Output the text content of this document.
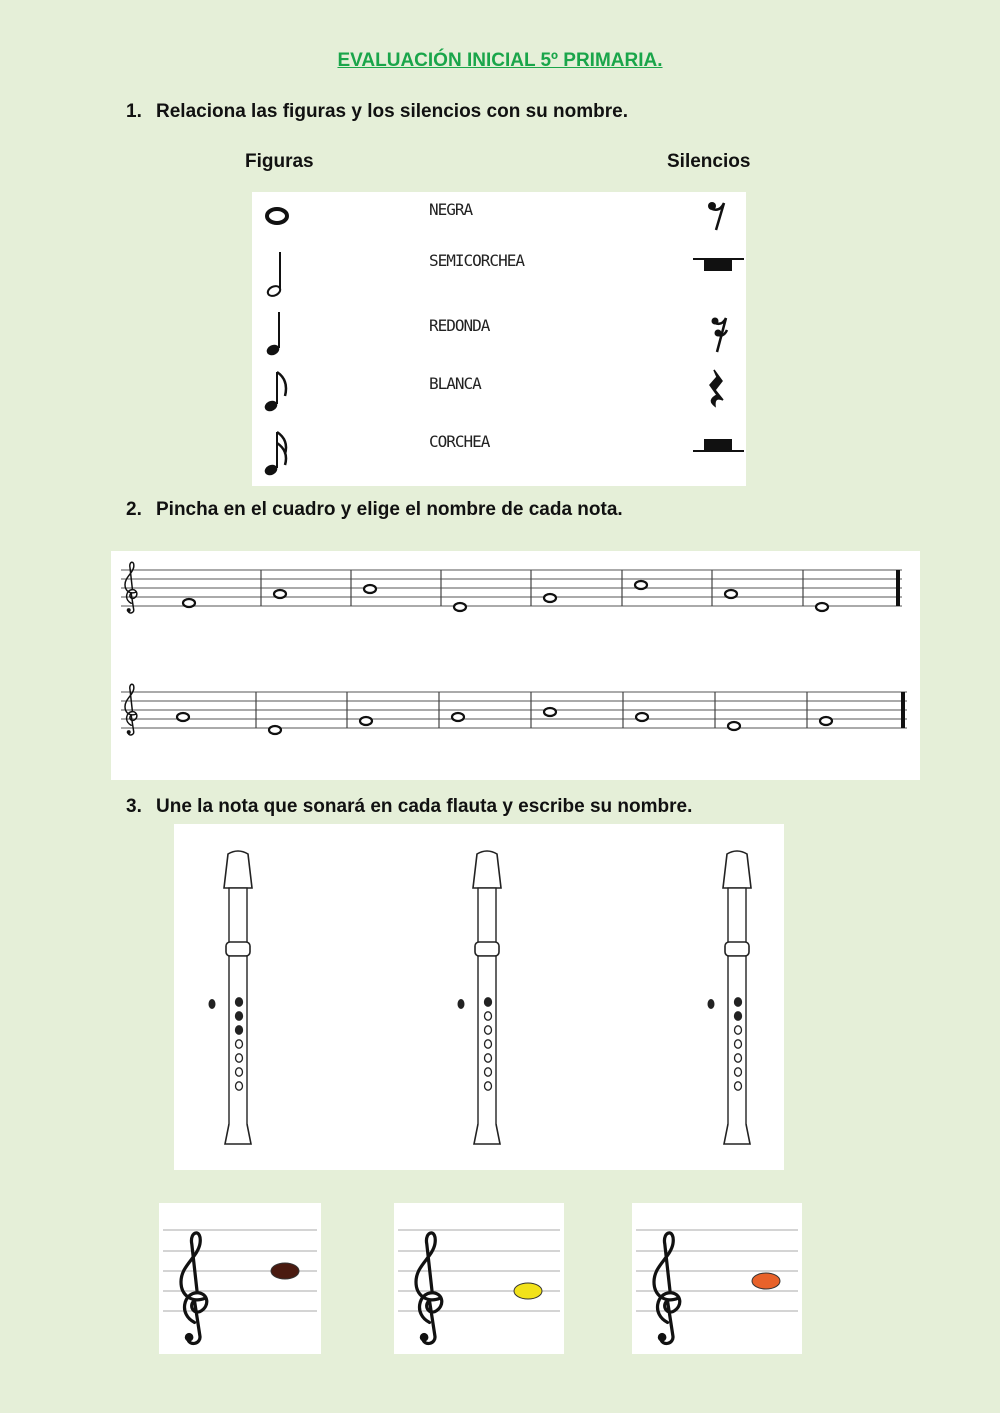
EVALUACIÓN INICIAL 5º PRIMARIA.
1. Relaciona las figuras y los silencios con su nombre.
Figuras	Silencios
NEGRA
SEMICORCHEA
REDONDA
BLANCA
CORCHEA
2. Pincha en el cuadro y elige el nombre de cada nota.
3. Une la nota que sonará en cada flauta y escribe su nombre.
